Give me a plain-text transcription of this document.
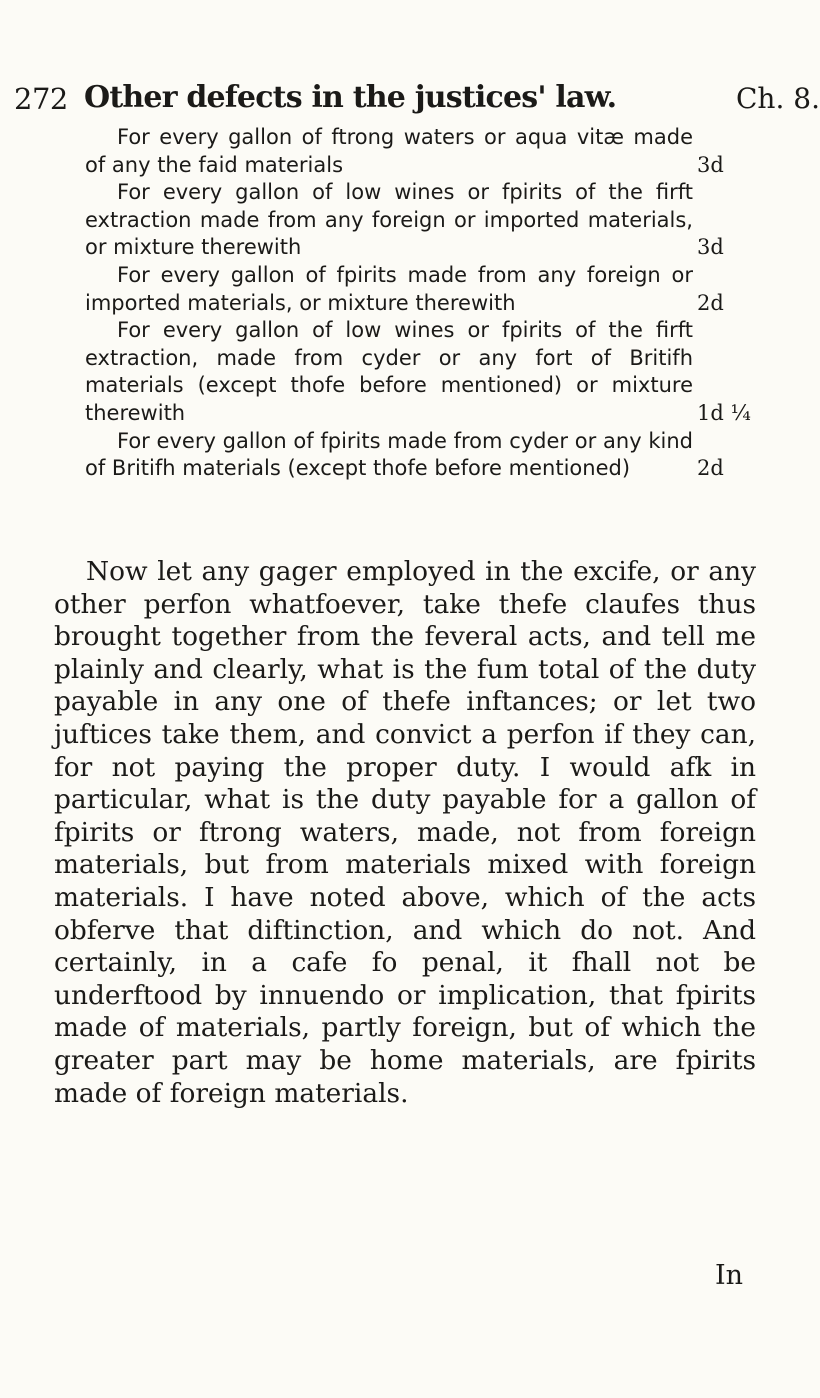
272 Other defects in the justices' law.	Ch. 8.

For every gallon of ftrong waters or aqua vitæ made of any the faid materials	3d

For every gallon of low wines or fpirits of the firft extraction made from any foreign or imported materials, or mixture therewith	3d

For every gallon of fpirits made from any foreign or imported materials, or mixture therewith	2d

For every gallon of low wines or fpirits of the firft extraction, made from cyder or any fort of Britifh materials (except thofe before mentioned) or mixture therewith	1d ¼

For every gallon of fpirits made from cyder or any kind of Britifh materials (except thofe before mentioned)	2d

Now let any gager employed in the excife, or any other perfon whatfoever, take thefe claufes thus brought together from the feveral acts, and tell me plainly and clearly, what is the fum total of the duty payable in any one of thefe inftances; or let two juftices take them, and convict a perfon if they can, for not paying the proper duty. I would afk in particular, what is the duty payable for a gallon of fpirits or ftrong waters, made, not from foreign materials, but from materials mixed with foreign materials. I have noted above, which of the acts obferve that diftinction, and which do not. And certainly, in a cafe fo penal, it fhall not be underftood by innuendo or implication, that fpirits made of materials, partly foreign, but of which the greater part may be home materials, are fpirits made of foreign materials.

In
